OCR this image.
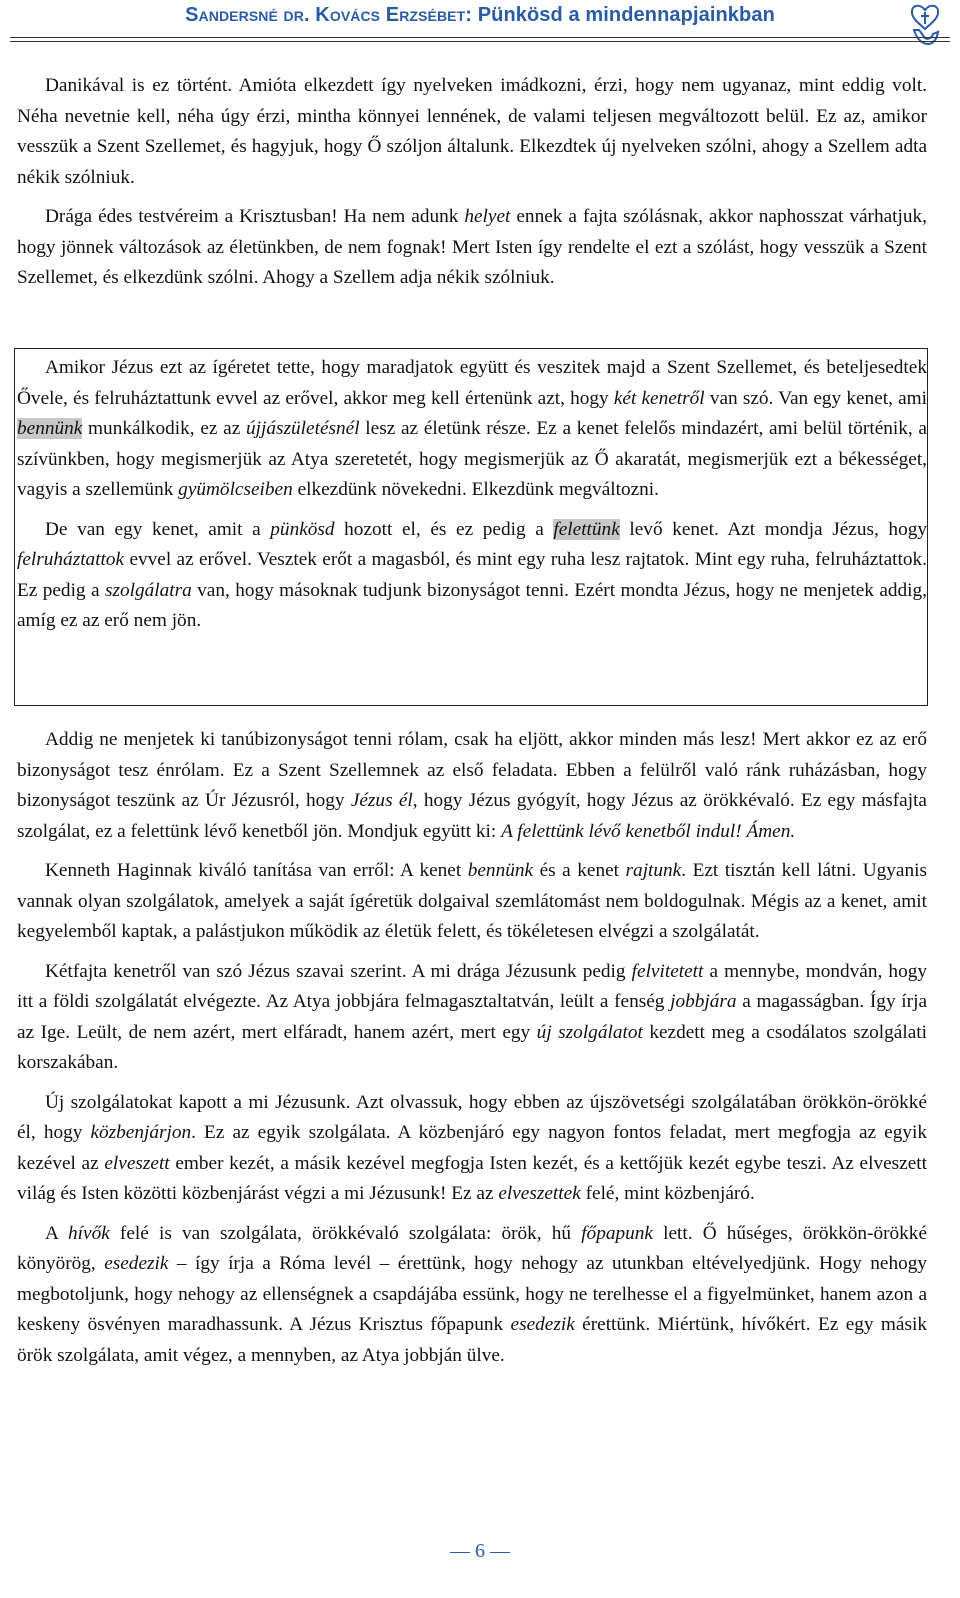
Sandersné dr. Kovács Erzsébet: Pünkösd a mindennapjainkban

Danikával is ez történt. Amióta elkezdett így nyelveken imádkozni, érzi, hogy nem ugyanaz, mint eddig volt. Néha nevetnie kell, néha úgy érzi, mintha könnyei lennének, de valami teljesen megváltozott belül. Ez az, amikor vesszük a Szent Szellemet, és hagyjuk, hogy Ő szóljon általunk. Elkezdtek új nyelveken szólni, ahogy a Szellem adta nékik szólniuk.

Drága édes testvéreim a Krisztusban! Ha nem adunk helyet ennek a fajta szólásnak, akkor naphosszat várhatjuk, hogy jönnek változások az életünkben, de nem fognak! Mert Isten így rendelte el ezt a szólást, hogy vesszük a Szent Szellemet, és elkezdünk szólni. Ahogy a Szellem adja nékik szólniuk.

Amikor Jézus ezt az ígéretet tette, hogy maradjatok együtt és veszitek majd a Szent Szellemet, és beteljesedtek Ővele, és felruháztattunk evvel az erővel, akkor meg kell értenünk azt, hogy két kenetről van szó. Van egy kenet, ami bennünk munkálkodik, ez az újjászületésnél lesz az életünk része. Ez a kenet felelős mindazért, ami belül történik, a szívünkben, hogy megismerjük az Atya szeretetét, hogy megismerjük az Ő akaratát, megismerjük ezt a békességet, vagyis a szellemünk gyümölcseiben elkezdünk növekedni. Elkezdünk megváltozni.

De van egy kenet, amit a pünkösd hozott el, és ez pedig a felettünk levő kenet. Azt mondja Jézus, hogy felruháztattok evvel az erővel. Vesztek erőt a magasból, és mint egy ruha lesz rajtatok. Mint egy ruha, felruháztattok. Ez pedig a szolgálatra van, hogy másoknak tudjunk bizonyságot tenni. Ezért mondta Jézus, hogy ne menjetek addig, amíg ez az erő nem jön.

Addig ne menjetek ki tanúbizonyságot tenni rólam, csak ha eljött, akkor minden más lesz! Mert akkor ez az erő bizonyságot tesz énrólam. Ez a Szent Szellemnek az első feladata. Ebben a felülről való ránk ruházásban, hogy bizonyságot teszünk az Úr Jézusról, hogy Jézus él, hogy Jézus gyógyít, hogy Jézus az örökkévaló. Ez egy másfajta szolgálat, ez a felettünk lévő kenetből jön. Mondjuk együtt ki: A felettünk lévő kenetből indul! Ámen.

Kenneth Haginnak kiváló tanítása van erről: A kenet bennünk és a kenet rajtunk. Ezt tisztán kell látni. Ugyanis vannak olyan szolgálatok, amelyek a saját ígéretük dolgaival szemlátomást nem boldogulnak. Mégis az a kenet, amit kegyelemből kaptak, a palástjukon működik az életük felett, és tökéletesen elvégzi a szolgálatát.

Kétfajta kenetről van szó Jézus szavai szerint. A mi drága Jézusunk pedig felvitetett a mennybe, mondván, hogy itt a földi szolgálatát elvégezte. Az Atya jobbjára felmagasztaltatván, leült a fenség jobbjára a magasságban. Így írja az Ige. Leült, de nem azért, mert elfáradt, hanem azért, mert egy új szolgálatot kezdett meg a csodálatos szolgálati korszakában.

Új szolgálatokat kapott a mi Jézusunk. Azt olvassuk, hogy ebben az újszövetségi szolgálatában örökkön-örökké él, hogy közbenjárjon. Ez az egyik szolgálata. A közbenjáró egy nagyon fontos feladat, mert megfogja az egyik kezével az elveszett ember kezét, a másik kezével megfogja Isten kezét, és a kettőjük kezét egybe teszi. Az elveszett világ és Isten közötti közbenjárást végzi a mi Jézusunk! Ez az elveszettek felé, mint közbenjáró.

A hívők felé is van szolgálata, örökkévaló szolgálata: örök, hű főpapunk lett. Ő hűséges, örökkön-örökké könyörög, esedezik – így írja a Róma levél – érettünk, hogy nehogy az utunkban eltévelyedjünk. Hogy nehogy megbotoljunk, hogy nehogy az ellenségnek a csapdájába essünk, hogy ne terelhesse el a figyelmünket, hanem azon a keskeny ösvényen maradhassunk. A Jézus Krisztus főpapunk esedezik érettünk. Miértünk, hívőkért. Ez egy másik örök szolgálata, amit végez, a mennyben, az Atya jobbján ülve.

— 6 —
